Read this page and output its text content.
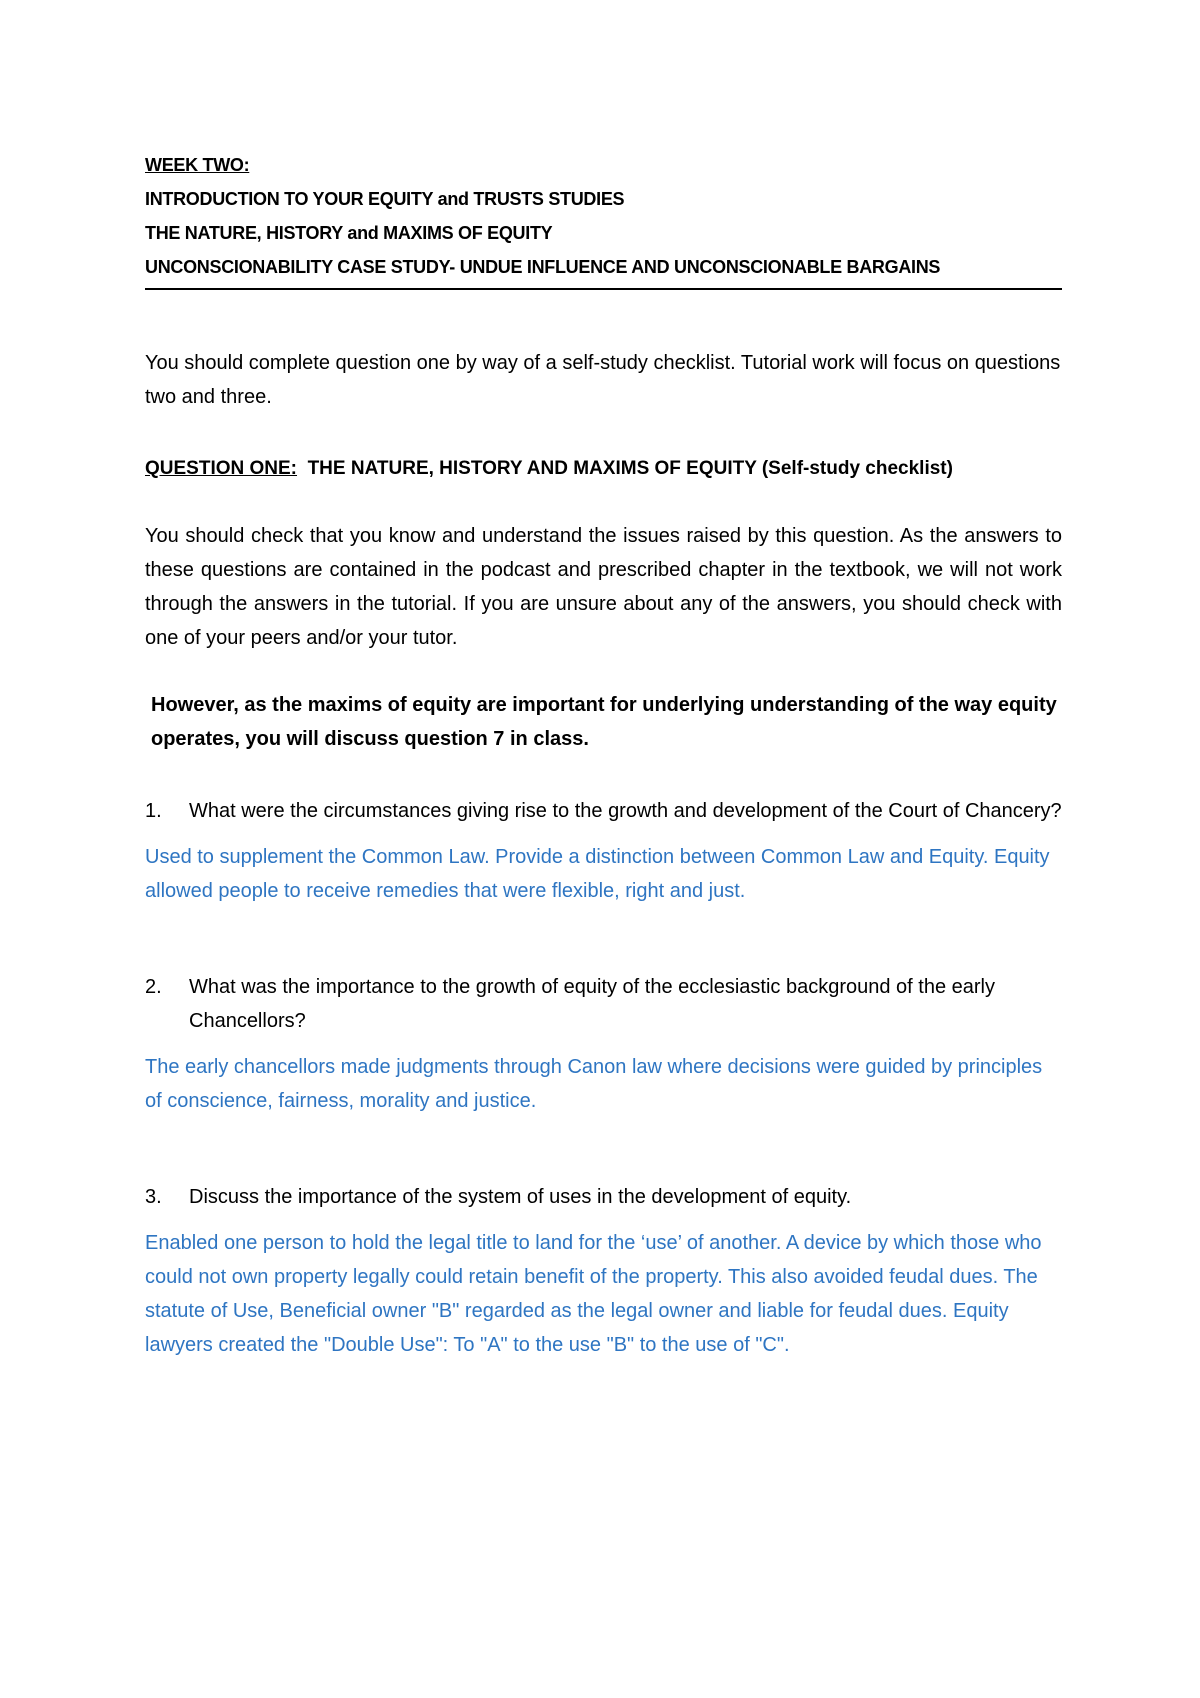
WEEK TWO:
INTRODUCTION TO YOUR EQUITY and TRUSTS STUDIES
THE NATURE, HISTORY and MAXIMS OF EQUITY
UNCONSCIONABILITY CASE STUDY- UNDUE INFLUENCE AND UNCONSCIONABLE BARGAINS

You should complete question one by way of a self-study checklist. Tutorial work will focus on questions two and three.

QUESTION ONE: THE NATURE, HISTORY AND MAXIMS OF EQUITY (Self-study checklist)

You should check that you know and understand the issues raised by this question. As the answers to these questions are contained in the podcast and prescribed chapter in the textbook, we will not work through the answers in the tutorial. If you are unsure about any of the answers, you should check with one of your peers and/or your tutor.

However, as the maxims of equity are important for underlying understanding of the way equity operates, you will discuss question 7 in class.

1.	What were the circumstances giving rise to the growth and development of the Court of Chancery?
Used to supplement the Common Law. Provide a distinction between Common Law and Equity. Equity allowed people to receive remedies that were flexible, right and just.
2.	What was the importance to the growth of equity of the ecclesiastic background of the early Chancellors?
The early chancellors made judgments through Canon law where decisions were guided by principles of conscience, fairness, morality and justice.
3.	Discuss the importance of the system of uses in the development of equity.
Enabled one person to hold the legal title to land for the ‘use’ of another. A device by which those who could not own property legally could retain benefit of the property. This also avoided feudal dues. The statute of Use, Beneficial owner "B" regarded as the legal owner and liable for feudal dues. Equity lawyers created the "Double Use": To "A" to the use "B" to the use of "C".
